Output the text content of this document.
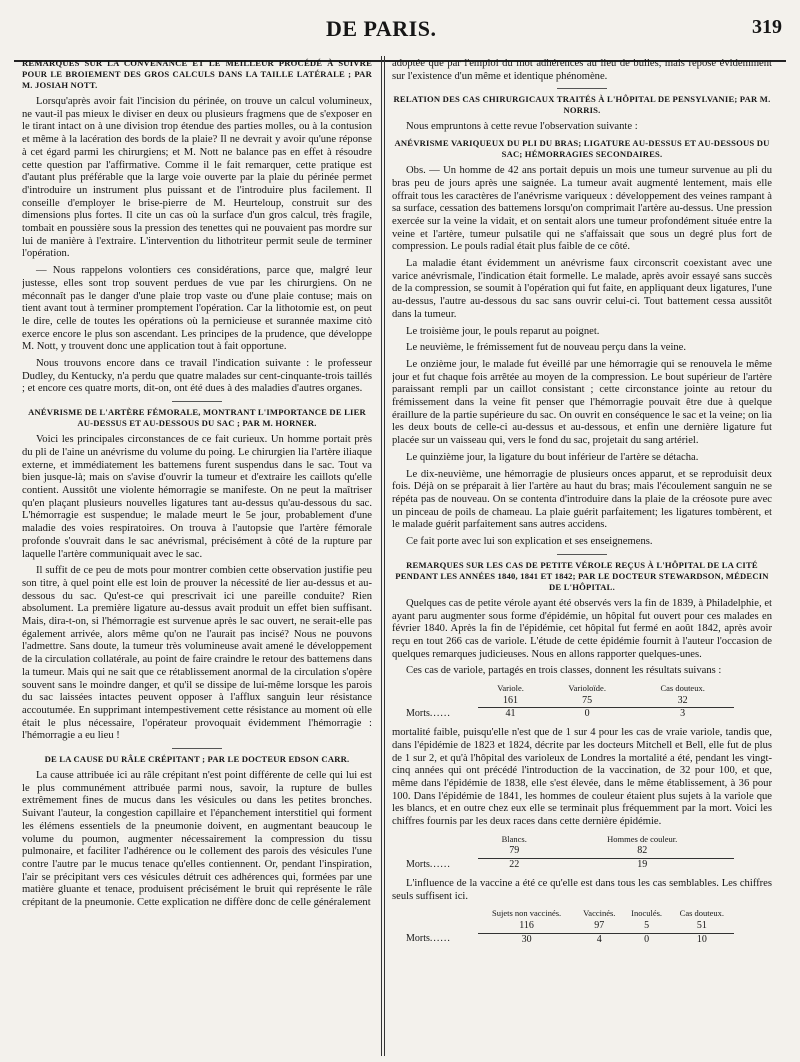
DE PARIS.	319
REMARQUES SUR LA CONVENANCE ET LE MEILLEUR PROCÉDÉ À SUIVRE POUR LE BROIEMENT DES GROS CALCULS DANS LA TAILLE LATÉRALE ; PAR M. JOSIAH NOTT.

Lorsqu'après avoir fait l'incision du périnée, on trouve un calcul volumineux, ne vaut-il pas mieux le diviser en deux ou plusieurs fragmens que de s'exposer en le tirant intact on à une division trop étendue des parties molles, ou à la contusion et même à la lacération des bords de la plaie? Il ne devrait y avoir qu'une réponse à cet égard parmi les chirurgiens; et M. Nott ne balance pas en effet à résoudre cette question par l'affirmative. Comme il le fait remarquer, cette pratique est d'autant plus préférable que la large voie ouverte par la plaie du périnée permet d'introduire un instrument plus puissant et de l'introduire plus facilement. Il conseille d'employer le brise-pierre de M. Heurteloup, construit sur des dimensions plus fortes. Il cite un cas où la surface d'un gros calcul, très fragile, tombait en poussière sous la pression des tenettes qui ne pouvaient pas mordre sur lui de manière à l'extraire. L'intervention du lithotriteur permit seule de terminer l'opération.

— Nous rappelons volontiers ces considérations, parce que, malgré leur justesse, elles sont trop souvent perdues de vue par les chirurgiens. On ne méconnaît pas le danger d'une plaie trop vaste ou d'une plaie contuse; mais on tient avant tout à terminer promptement l'opération. Car la lithotomie est, on peut le dire, celle de toutes les opérations où la pernicieuse et surannée maxime citò exerce encore le plus son ascendant. Les principes de la prudence, que développe M. Nott, y trouvent donc une application tout à fait opportune.

Nous trouvons encore dans ce travail l'indication suivante : le professeur Dudley, du Kentucky, n'a perdu que quatre malades sur cent-cinquante-trois taillés ; et encore ces quatre morts, dit-on, ont été dues à des maladies d'autres organes.

ANÉVRISME DE L'ARTÈRE FÉMORALE, MONTRANT L'IMPORTANCE DE LIER AU-DESSUS ET AU-DESSOUS DU SAC ; PAR M. HORNER.

Voici les principales circonstances de ce fait curieux. Un homme portait près du pli de l'aine un anévrisme du volume du poing. Le chirurgien lia l'artère iliaque externe, et immédiatement les battemens furent suspendus dans le sac. Tout va bien jusque-là; mais on s'avise d'ouvrir la tumeur et d'extraire les caillots qu'elle contient. Aussitôt une violente hémorragie se manifeste. On ne peut la maîtriser qu'en plaçant plusieurs nouvelles ligatures tant au-dessus qu'au-dessous du sac. L'hémorragie est suspendue; le malade meurt le 5e jour, probablement d'une maladie des voies respiratoires. On trouva à l'autopsie que l'artère fémorale profonde s'ouvrait dans le sac anévrismal, précisément à côté de la rupture par laquelle l'artère communiquait avec le sac.

Il suffit de ce peu de mots pour montrer combien cette observation justifie peu son titre, à quel point elle est loin de prouver la nécessité de lier au-dessus et au-dessous du sac. Qu'est-ce qui prescrivait ici une pareille conduite? Rien absolument. La première ligature au-dessus avait produit un effet bien suffisant. Mais, dira-t-on, si l'hémorragie est survenue après le sac ouvert, ne serait-elle pas également arrivée, alors même qu'on ne l'aurait pas incisé? Nous ne pouvons l'admettre. Sans doute, la tumeur très volumineuse avait amené le développement de la circulation collatérale, au point de faire craindre le retour des battemens dans la tumeur. Mais qui ne sait que ce rétablissement anormal de la circulation s'opère souvent sans le moindre danger, et qu'il se dissipe de lui-même lorsque les parois du sac laissées intactes peuvent opposer à l'afflux sanguin leur résistance accoutumée. En supprimant intempestivement cette résistance au moment où elle était le plus nécessaire, l'opérateur provoquait évidemment l'hémorragie : l'hémorragie a eu lieu !

DE LA CAUSE DU RÂLE CRÉPITANT ; PAR LE DOCTEUR EDSON CARR.

La cause attribuée ici au râle crépitant n'est point différente de celle qui lui est le plus communément attribuée parmi nous, savoir, la rupture de bulles extrêmement fines de mucus dans les vésicules ou dans les petites bronches. Suivant l'auteur, la congestion capillaire et l'épanchement interstitiel qui forment les élémens essentiels de la pneumonie doivent, en augmentant beaucoup le volume du poumon, augmenter nécessairement la compression du tissu pulmonaire, et faciliter l'adhérence ou le collement des parois des vésicules l'une contre l'autre par le mucus tenace qu'elles contiennent. Or, pendant l'inspiration, l'air se précipitant vers ces vésicules détruit ces adhérences qui, formées par une matière gluante et tenace, produisent précisément le bruit qui représente le râle crépitant de la pneumonie. Cette explication ne diffère donc de celle généralement

adoptée que par l'emploi du mot adhérences au lieu de bulles, mais repose évidemment sur l'existence d'un même et identique phénomène.

RELATION DES CAS CHIRURGICAUX TRAITÉS À L'HÔPITAL DE PENSYLVANIE; PAR M. NORRIS.

Nous empruntons à cette revue l'observation suivante :

ANÉVRISME VARIQUEUX DU PLI DU BRAS; LIGATURE AU-DESSUS ET AU-DESSOUS DU SAC; HÉMORRAGIES SECONDAIRES.

Obs. — Un homme de 42 ans portait depuis un mois une tumeur survenue au pli du bras peu de jours après une saignée. La tumeur avait augmenté lentement, mais elle offrait tous les caractères de l'anévrisme variqueux : développement des veines rampant à sa surface, cessation des battemens lorsqu'on comprimait l'artère au-dessus. Une pression exercée sur la veine la vidait, et on sentait alors une tumeur profondément située entre la veine et l'artère, tumeur pulsatile qui ne s'affaissait que sous un degré plus fort de compression. Le pouls radial était plus faible de ce côté.

La maladie étant évidemment un anévrisme faux circonscrit coexistant avec une varice anévrismale, l'indication était formelle. Le malade, après avoir essayé sans succès de la compression, se soumit à l'opération qui fut faite, en appliquant deux ligatures, l'une au-dessus, l'autre au-dessous du sac sans ouvrir celui-ci. Tout battement cessa aussitôt dans la tumeur.

Le troisième jour, le pouls reparut au poignet.

Le neuvième, le frémissement fut de nouveau perçu dans la veine.

Le onzième jour, le malade fut éveillé par une hémorragie qui se renouvela le même jour et fut chaque fois arrêtée au moyen de la compression. Le bout supérieur de l'artère paraissant rempli par un caillot consistant ; cette circonstance jointe au retour du frémissement dans la veine fit penser que l'hémorragie pouvait être due à quelque éraillure de la partie supérieure du sac. On ouvrit en conséquence le sac et la veine; on lia les deux bouts de celle-ci au-dessus et au-dessous, et enfin une dernière ligature fut placée sur un vaisseau qui, vers le fond du sac, projetait du sang artériel.

Le quinzième jour, la ligature du bout inférieur de l'artère se détacha.

Le dix-neuvième, une hémorragie de plusieurs onces apparut, et se reproduisit deux fois. Déjà on se préparait à lier l'artère au haut du bras; mais l'écoulement sanguin ne se répéta pas de nouveau. On se contenta d'introduire dans la plaie de la créosote pure avec un pinceau de poils de chameau. La plaie guérit parfaitement; les ligatures tombèrent, et le malade guérit parfaitement sans autres accidens.

Ce fait porte avec lui son explication et ses enseignemens.

REMARQUES SUR LES CAS DE PETITE VÉROLE REÇUS À L'HÔPITAL DE LA CITÉ PENDANT LES ANNÉES 1840, 1841 ET 1842; PAR LE DOCTEUR STEWARDSON, MÉDECIN DE L'HÔPITAL.

Quelques cas de petite vérole ayant été observés vers la fin de 1839, à Philadelphie, et ayant paru augmenter sous forme d'épidémie, un hôpital fut ouvert pour ces malades en février 1840. Après la fin de l'épidémie, cet hôpital fut fermé en août 1842, après avoir reçu en tout 266 cas de variole. L'étude de cette épidémie fournit à l'auteur l'occasion de quelques remarques judicieuses. Nous en allons rapporter quelques-unes.

Ces cas de variole, partagés en trois classes, donnent les résultats suivans :

	Variole.	Varioloïde.	Cas douteux.
	161	75	32
Morts......	41	0	3

mortalité faible, puisqu'elle n'est que de 1 sur 4 pour les cas de vraie variole, tandis que, dans l'épidémie de 1823 et 1824, décrite par les docteurs Mitchell et Bell, elle fut de plus de 1 sur 2, et qu'à l'hôpital des varioleux de Londres la mortalité a été, pendant les vingt-cinq années qui ont précédé l'introduction de la vaccination, de 32 pour 100, et que, même dans l'épidémie de 1838, elle s'est élevée, dans le même établissement, à 36 pour 100. Dans l'épidémie de 1841, les hommes de couleur étaient plus sujets à la variole que les blancs, et en outre chez eux elle se terminait plus fréquemment par la mort. Voici les chiffres fournis par les deux races dans cette dernière épidémie.

	Blancs.	Hommes de couleur.
	79	82
Morts......	22	19

L'influence de la vaccine a été ce qu'elle est dans tous les cas semblables. Les chiffres seuls suffisent ici.

	Sujets non vaccinés.	Vaccinés.	Inoculés.	Cas douteux.
	116	97	5	51
Morts......	30	4	0	10
